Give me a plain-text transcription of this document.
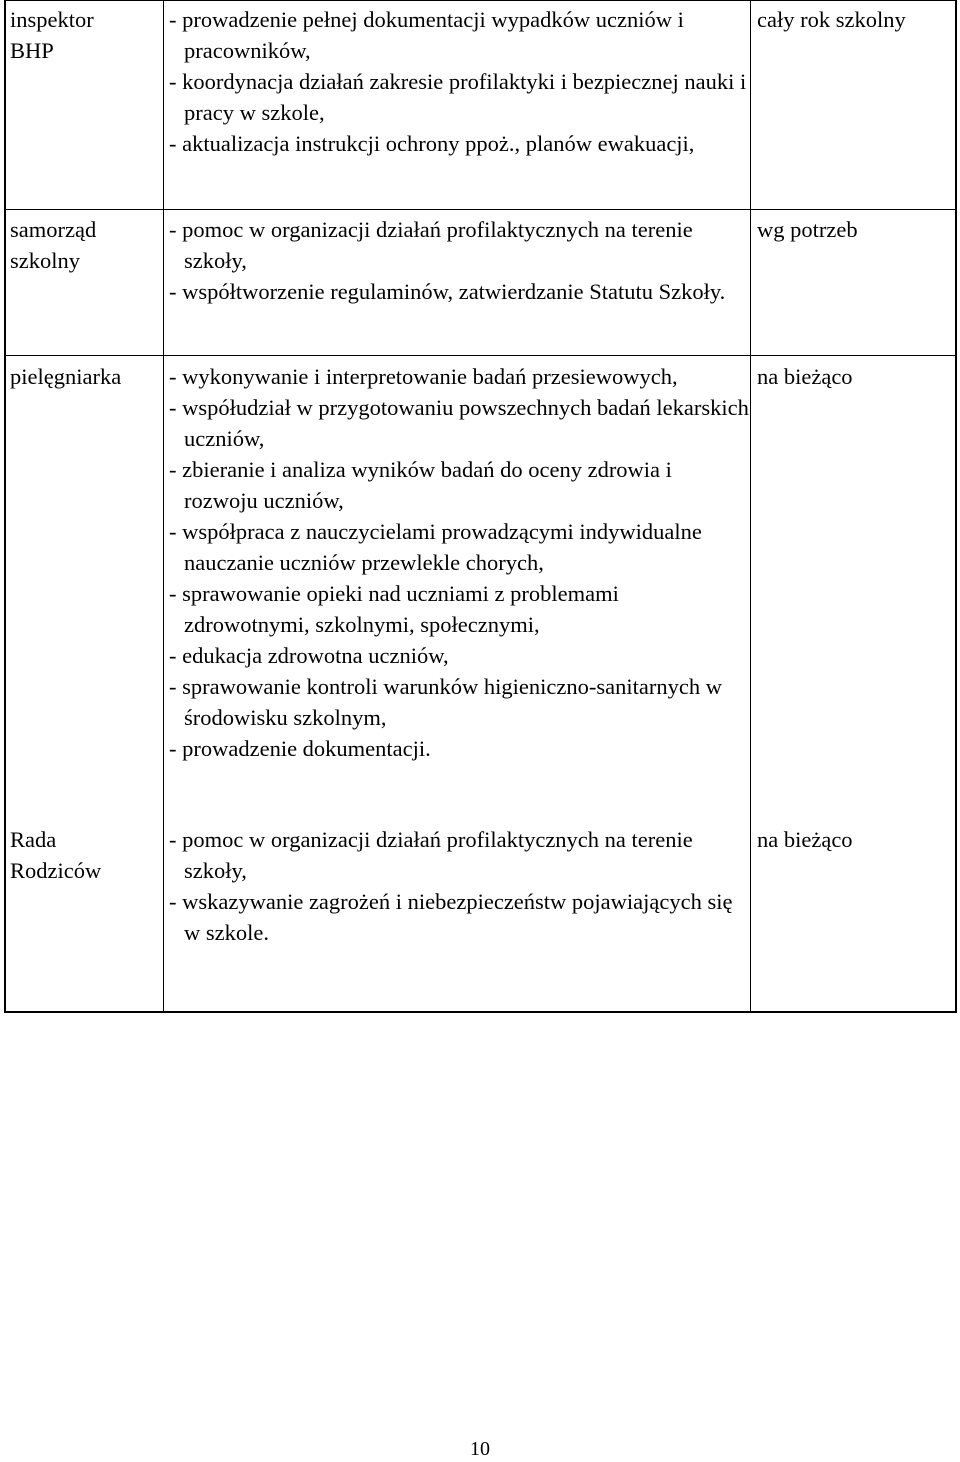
inspektor
BHP
- prowadzenie pełnej dokumentacji wypadków uczniów i pracowników,
- koordynacja działań zakresie profilaktyki i bezpiecznej nauki i pracy w szkole,
- aktualizacja instrukcji ochrony ppoż., planów ewakuacji,
cały rok szkolny
samorząd
szkolny
- pomoc w organizacji działań profilaktycznych na terenie szkoły,
- współtworzenie regulaminów, zatwierdzanie Statutu Szkoły.
wg potrzeb
pielęgniarka	- wykonywanie i interpretowanie badań przesiewowych,
- współudział w przygotowaniu powszechnych badań lekarskich uczniów,
- zbieranie i analiza wyników badań do oceny zdrowia i rozwoju uczniów,
- współpraca z nauczycielami prowadzącymi indywidualne nauczanie uczniów przewlekle chorych,
- sprawowanie opieki nad uczniami z problemami zdrowotnymi, szkolnymi, społecznymi,
- edukacja zdrowotna uczniów,
- sprawowanie kontroli warunków higieniczno-sanitarnych w środowisku szkolnym,
- prowadzenie dokumentacji.
na bieżąco
Rada
Rodziców
- pomoc w organizacji działań profilaktycznych na terenie szkoły,
- wskazywanie zagrożeń i niebezpieczeństw pojawiających się w szkole.
na bieżąco
10
